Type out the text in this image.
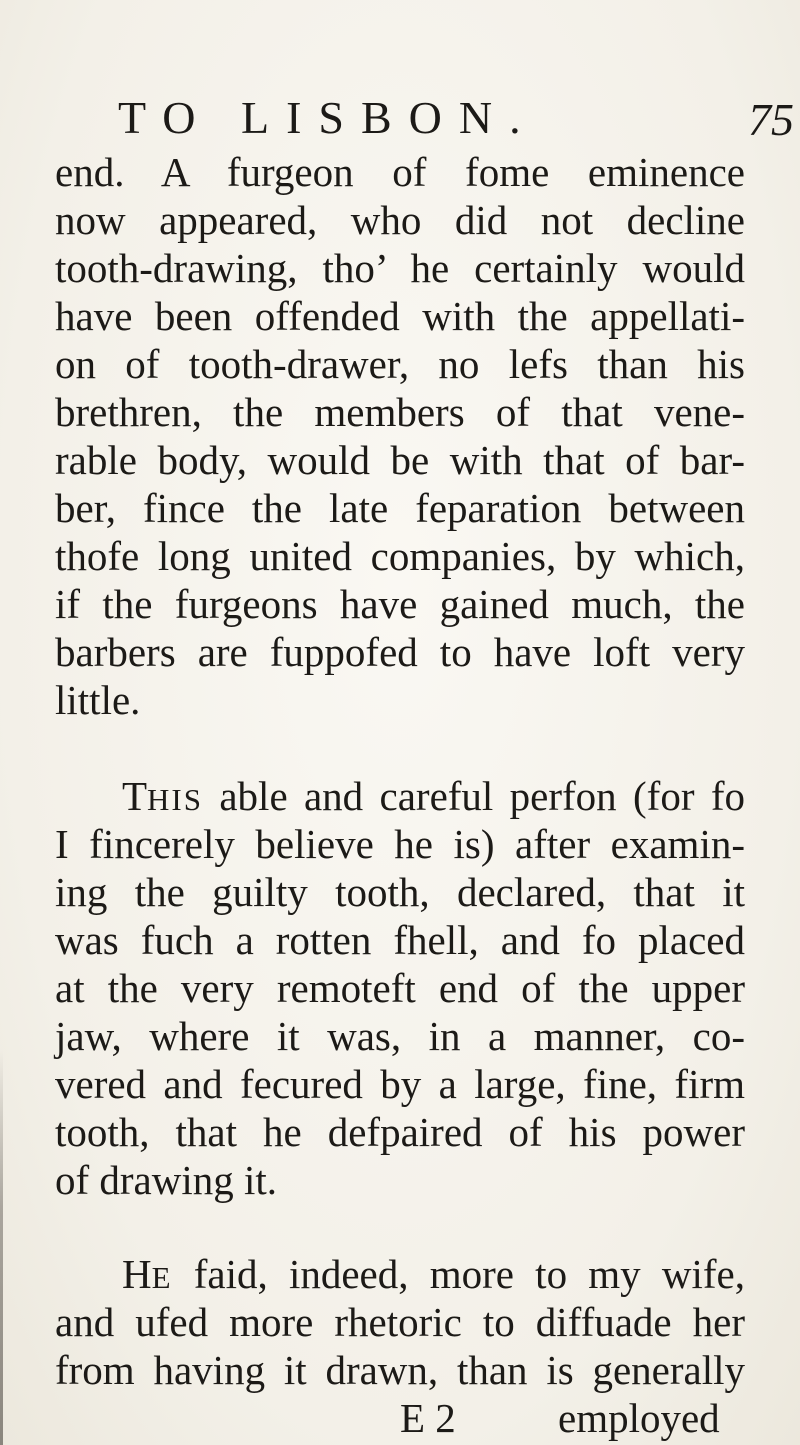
TO LISBON.	75
end. A furgeon of fome eminence
now appeared, who did not decline
tooth-drawing, tho’ he certainly would
have been offended with the appellati-
on of tooth-drawer, no lefs than his
brethren, the members of that vene-
rable body, would be with that of bar-
ber, fince the late feparation between
thofe long united companies, by which,
if the furgeons have gained much, the
barbers are fuppofed to have loft very
little.
THIS able and careful perfon (for fo
I fincerely believe he is) after examin-
ing the guilty tooth, declared, that it
was fuch a rotten fhell, and fo placed
at the very remoteft end of the upper
jaw, where it was, in a manner, co-
vered and fecured by a large, fine, firm
tooth, that he defpaired of his power
of drawing it.
HE faid, indeed, more to my wife,
and ufed more rhetoric to diffuade her
from having it drawn, than is generally
E 2 employed
